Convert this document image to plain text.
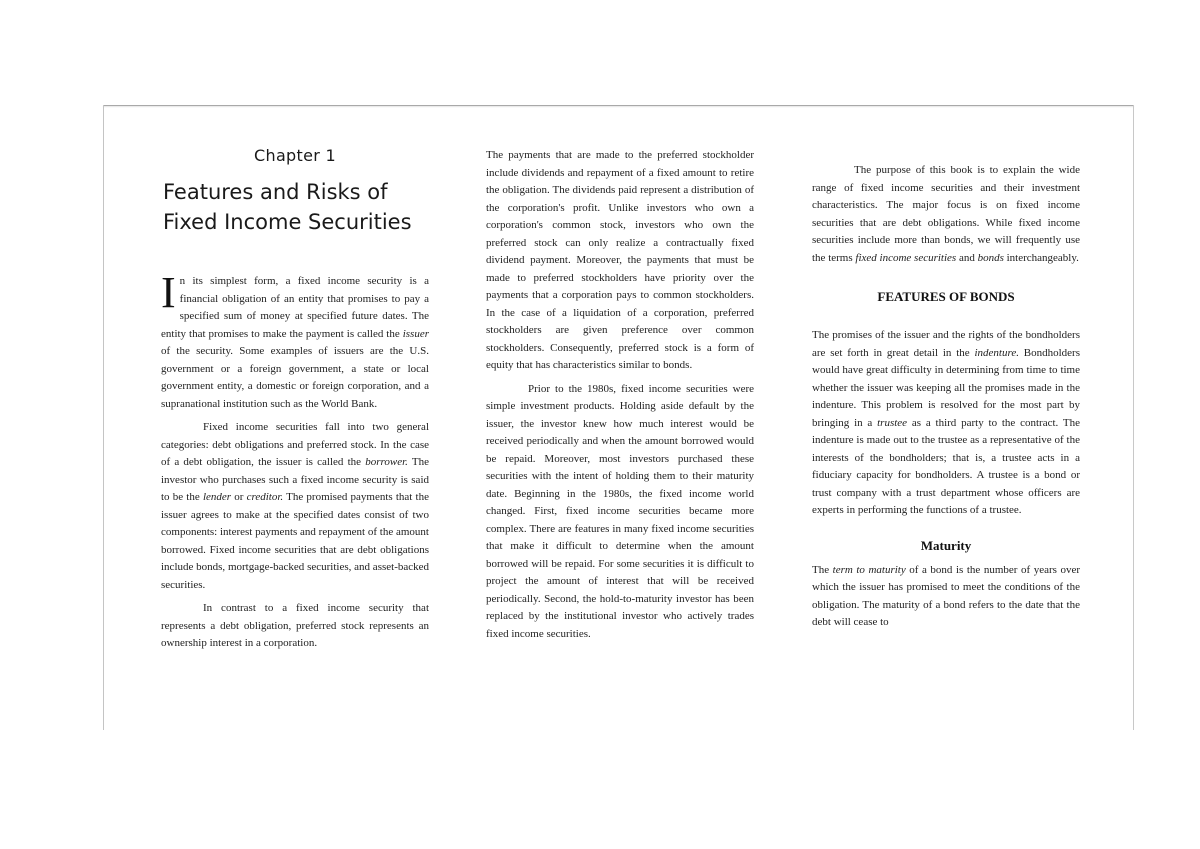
Chapter 1
Features and Risks of
Fixed Income Securities

In its simplest form, a fixed income security is a financial obligation of an entity that promises to pay a specified sum of money at specified future dates. The entity that promises to make the payment is called the issuer of the security. Some examples of issuers are the U.S. government or a foreign government, a state or local government entity, a domestic or foreign corporation, and a supranational institution such as the World Bank.

Fixed income securities fall into two general categories: debt obligations and preferred stock. In the case of a debt obligation, the issuer is called the borrower. The investor who purchases such a fixed income security is said to be the lender or creditor. The promised payments that the issuer agrees to make at the specified dates consist of two components: interest payments and repayment of the amount borrowed. Fixed income securities that are debt obligations include bonds, mortgage-backed securities, and asset-backed securities.

In contrast to a fixed income security that represents a debt obligation, preferred stock represents an ownership interest in a corporation.

The payments that are made to the preferred stockholder include dividends and repayment of a fixed amount to retire the obligation. The dividends paid represent a distribution of the corporation's profit. Unlike investors who own a corporation's common stock, investors who own the preferred stock can only realize a contractually fixed dividend payment. Moreover, the payments that must be made to preferred stockholders have priority over the payments that a corporation pays to common stockholders. In the case of a liquidation of a corporation, preferred stockholders are given preference over common stockholders. Consequently, preferred stock is a form of equity that has characteristics similar to bonds.

Prior to the 1980s, fixed income securities were simple investment products. Holding aside default by the issuer, the investor knew how much interest would be received periodically and when the amount borrowed would be repaid. Moreover, most investors purchased these securities with the intent of holding them to their maturity date. Beginning in the 1980s, the fixed income world changed. First, fixed income securities became more complex. There are features in many fixed income securities that make it difficult to determine when the amount borrowed will be repaid. For some securities it is difficult to project the amount of interest that will be received periodically. Second, the hold-to-maturity investor has been replaced by the institutional investor who actively trades fixed income securities.

The purpose of this book is to explain the wide range of fixed income securities and their investment characteristics. The major focus is on fixed income securities that are debt obligations. While fixed income securities include more than bonds, we will frequently use the terms fixed income securities and bonds interchangeably.

FEATURES OF BONDS

The promises of the issuer and the rights of the bondholders are set forth in great detail in the indenture. Bondholders would have great difficulty in determining from time to time whether the issuer was keeping all the promises made in the indenture. This problem is resolved for the most part by bringing in a trustee as a third party to the contract. The indenture is made out to the trustee as a representative of the interests of the bondholders; that is, a trustee acts in a fiduciary capacity for bondholders. A trustee is a bond or trust company with a trust department whose officers are experts in performing the functions of a trustee.

Maturity

The term to maturity of a bond is the number of years over which the issuer has promised to meet the conditions of the obligation. The maturity of a bond refers to the date that the debt will cease to
